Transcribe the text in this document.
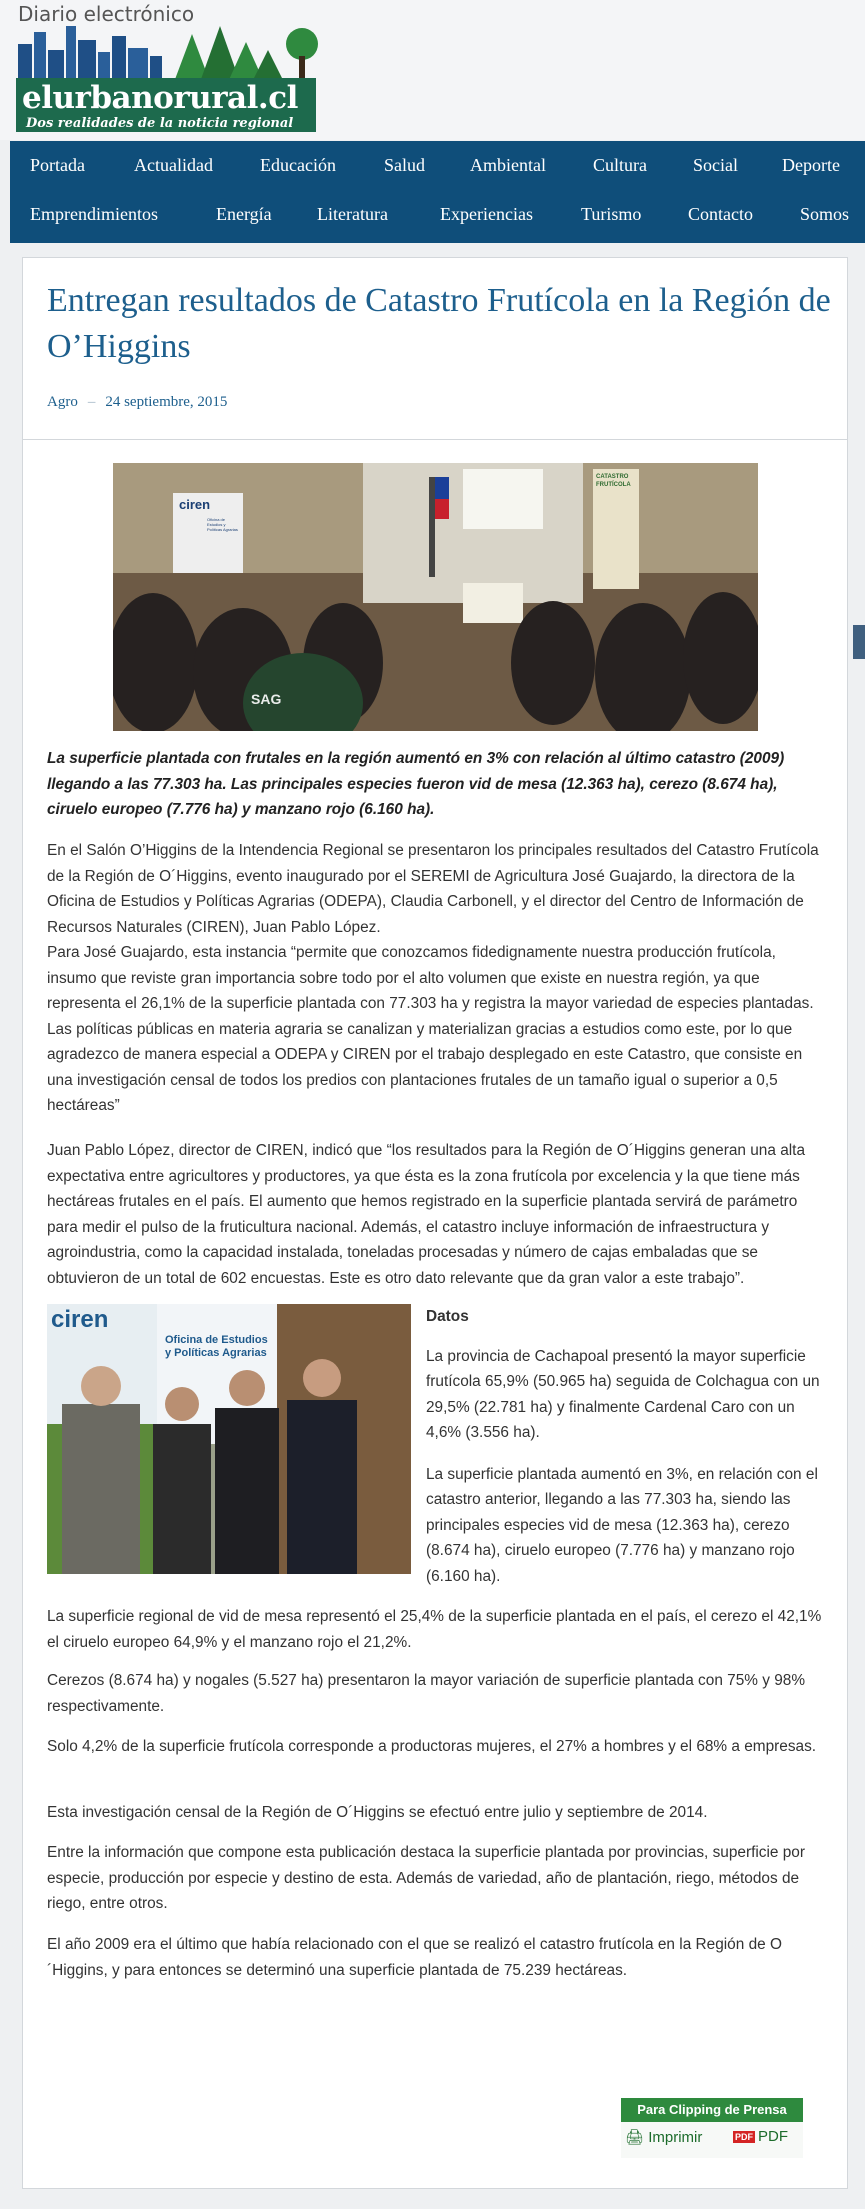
Diario electrónico
elurbanorural.cl
Dos realidades de la noticia regional
Portada	Actualidad	Educación	Salud Ambiental	Cultura	Social Deporte
Emprendimientos	Energía	Literatura	Experiencias	Turismo	Contacto	Somos
Entregan resultados de Catastro Frutícola en la Región de O’Higgins
Agro – 24 septiembre, 2015
ciren
Oficina de Estudios y Políticas Agrarias
CATASTRO FRUTÍCOLA
SAG

La superficie plantada con frutales en la región aumentó en 3% con relación al último catastro (2009) llegando a las 77.303 ha. Las principales especies fueron vid de mesa (12.363 ha), cerezo (8.674 ha), ciruelo europeo (7.776 ha) y manzano rojo (6.160 ha).

En el Salón O’Higgins de la Intendencia Regional se presentaron los principales resultados del Catastro Frutícola de la Región de O´Higgins, evento inaugurado por el SEREMI de Agricultura José Guajardo, la directora de la Oficina de Estudios y Políticas Agrarias (ODEPA), Claudia Carbonell, y el director del Centro de Información de Recursos Naturales (CIREN), Juan Pablo López.

Para José Guajardo, esta instancia “permite que conozcamos fidedignamente nuestra producción frutícola, insumo que reviste gran importancia sobre todo por el alto volumen que existe en nuestra región, ya que representa el 26,1% de la superficie plantada con 77.303 ha y registra la mayor variedad de especies plantadas. Las políticas públicas en materia agraria se canalizan y materializan gracias a estudios como este, por lo que agradezco de manera especial a ODEPA y CIREN por el trabajo desplegado en este Catastro, que consiste en una investigación censal de todos los predios con plantaciones frutales de un tamaño igual o superior a 0,5 hectáreas”

Juan Pablo López, director de CIREN, indicó que “los resultados para la Región de O´Higgins generan una alta expectativa entre agricultores y productores, ya que ésta es la zona frutícola por excelencia y la que tiene más hectáreas frutales en el país. El aumento que hemos registrado en la superficie plantada servirá de parámetro para medir el pulso de la fruticultura nacional. Además, el catastro incluye información de infraestructura y agroindustria, como la capacidad instalada, toneladas procesadas y número de cajas embaladas que se obtuvieron de un total de 602 encuestas. Este es otro dato relevante que da gran valor a este trabajo”.

ciren
Oficina de Estudios y Políticas Agrarias

Datos

La provincia de Cachapoal presentó la mayor superficie frutícola 65,9% (50.965 ha) seguida de Colchagua con un 29,5% (22.781 ha) y finalmente Cardenal Caro con un 4,6% (3.556 ha).

La superficie plantada aumentó en 3%, en relación con el catastro anterior, llegando a las 77.303 ha, siendo las principales especies vid de mesa (12.363 ha), cerezo (8.674 ha), ciruelo europeo (7.776 ha) y manzano rojo (6.160 ha).

La superficie regional de vid de mesa representó el 25,4% de la superficie plantada en el país, el cerezo el 42,1% el ciruelo europeo 64,9% y el manzano rojo el 21,2%.

Cerezos (8.674 ha) y nogales (5.527 ha) presentaron la mayor variación de superficie plantada con 75% y 98% respectivamente.

Solo 4,2% de la superficie frutícola corresponde a productoras mujeres, el 27% a hombres y el 68% a empresas.

Esta investigación censal de la Región de O´Higgins se efectuó entre julio y septiembre de 2014.

Entre la información que compone esta publicación destaca la superficie plantada por provincias, superficie por especie, producción por especie y destino de esta. Además de variedad, año de plantación, riego, métodos de riego, entre otros.

El año 2009 era el último que había relacionado con el que se realizó el catastro frutícola en la Región de O´Higgins, y para entonces se determinó una superficie plantada de 75.239 hectáreas.

Para Clipping de Prensa
🖨 Imprimir	PDF PDF
